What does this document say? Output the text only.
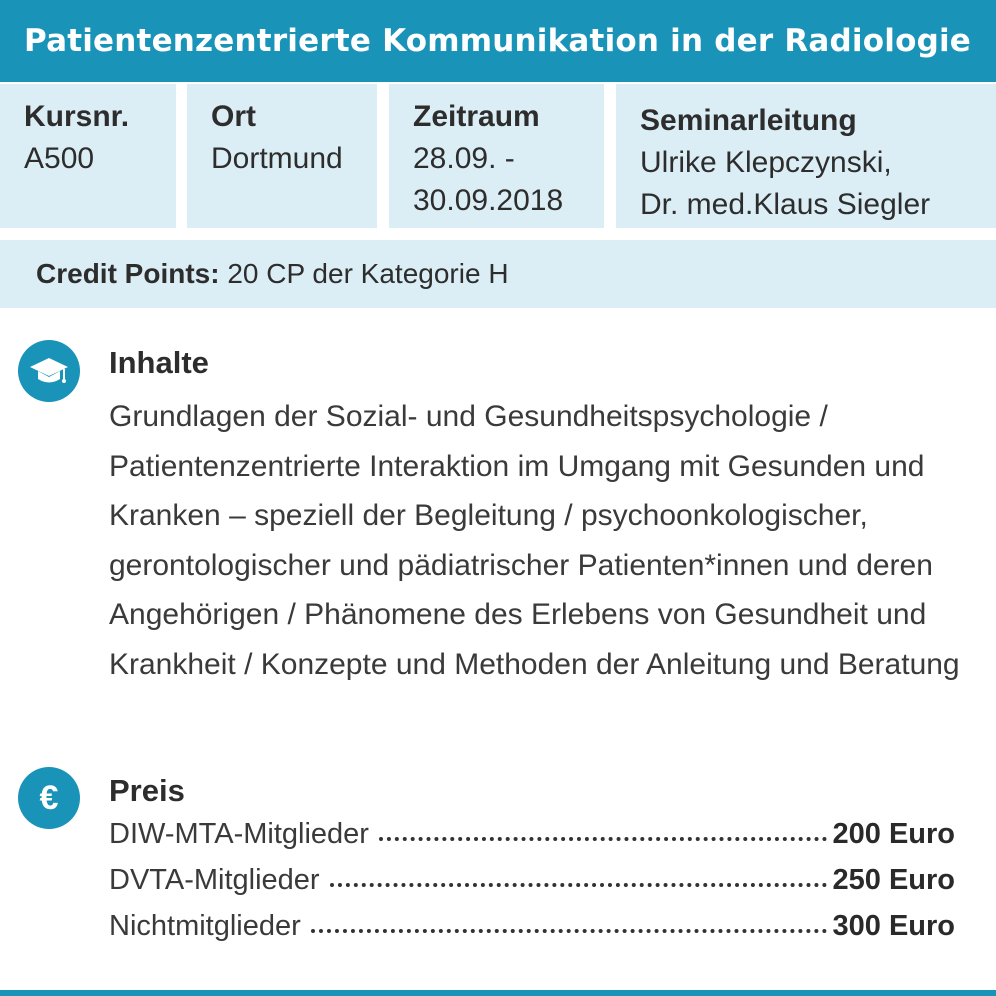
Patientenzentrierte Kommunikation in der Radiologie
Kursnr.
A500
Ort
Dortmund
Zeitraum
28.09. -
30.09.2018
Seminarleitung
Ulrike Klepczynski,
Dr. med.Klaus Siegler
Credit Points: 20 CP der Kategorie H
Inhalte
Grundlagen der Sozial- und Gesundheitspsychologie / Patientenzentrierte Interaktion im Umgang mit Gesunden und Kranken – speziell der Begleitung / psychoonkologischer, gerontologischer und pädiatrischer Patienten*innen und deren Angehörigen / Phänomene des Erlebens von Gesundheit und Krankheit / Konzepte und Methoden der Anleitung und Beratung
€	Preis
DIW-MTA-Mitglieder	200 Euro
DVTA-Mitglieder	250 Euro
Nichtmitglieder	300 Euro
